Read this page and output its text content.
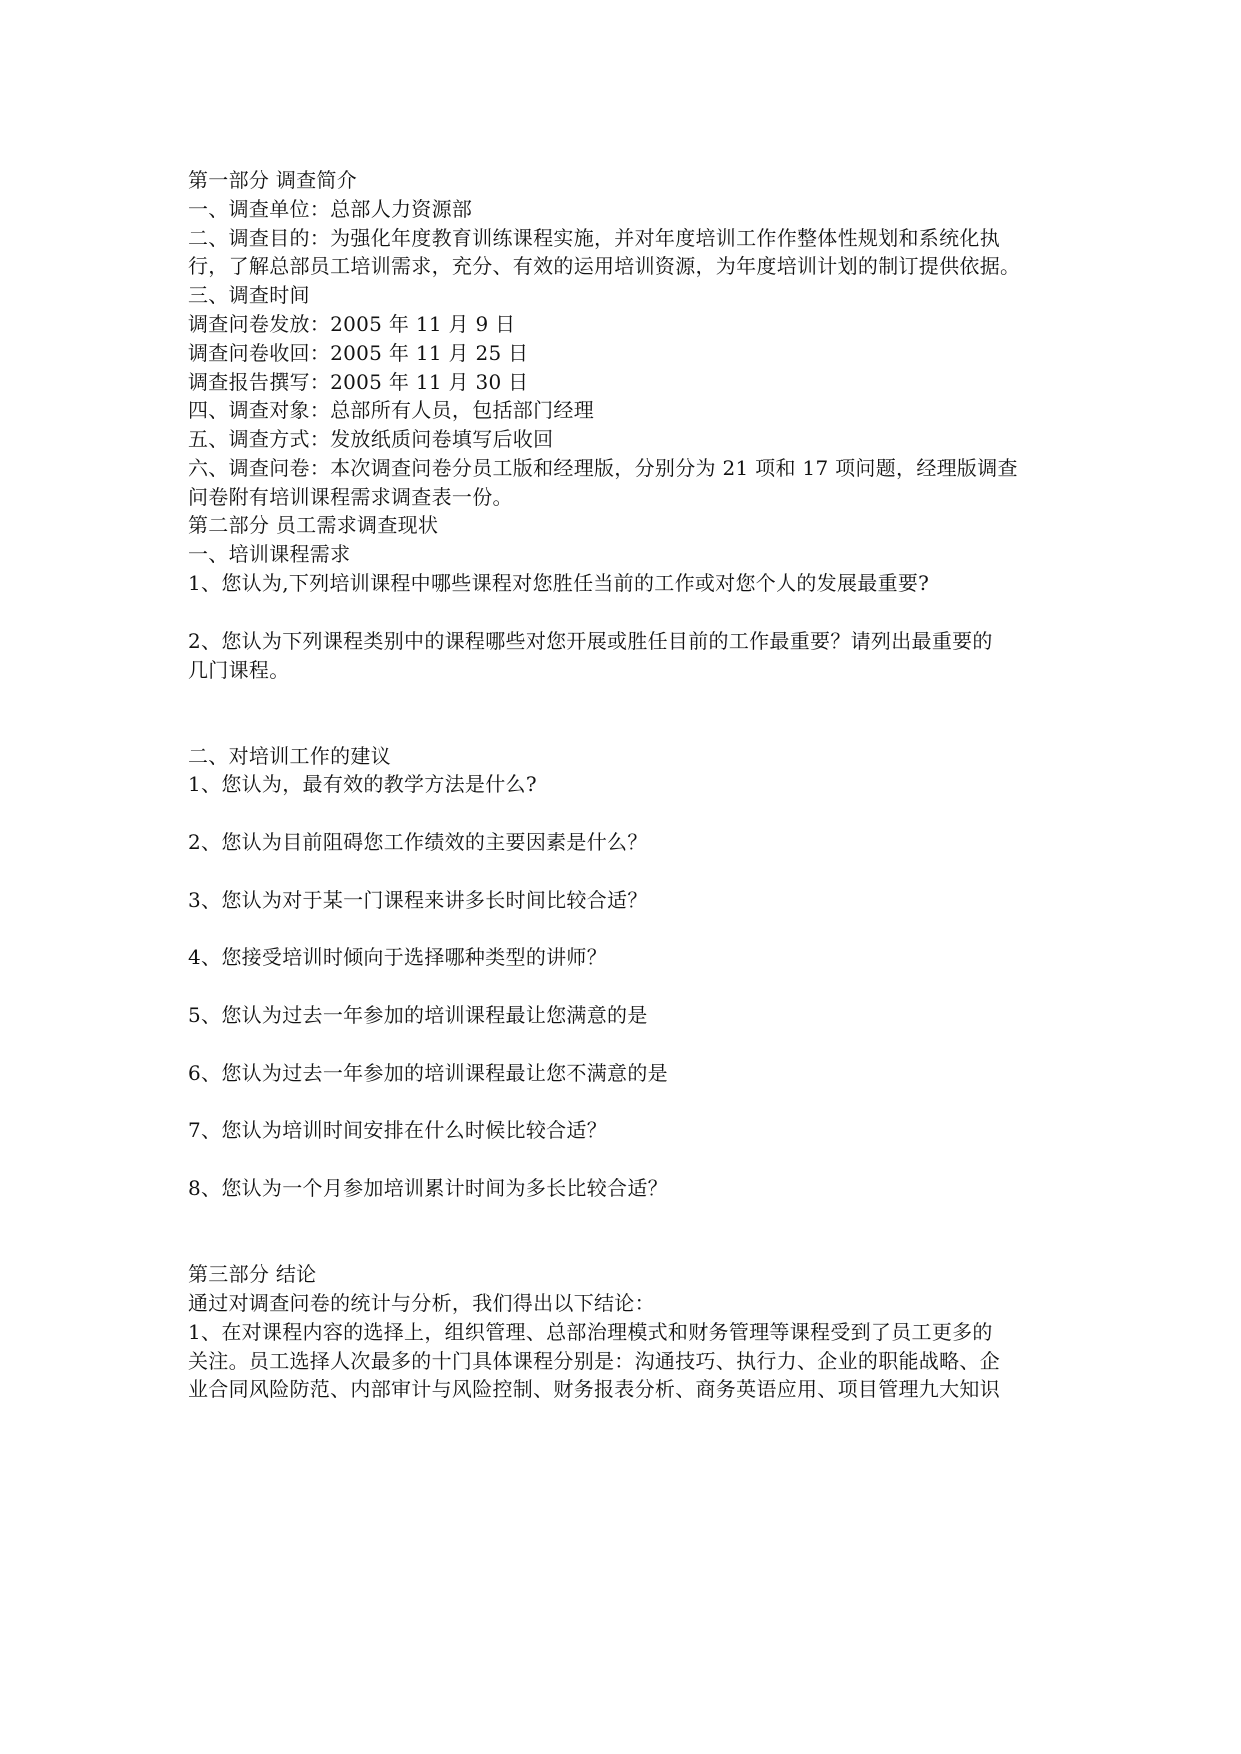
第一部分 调查简介
一、调查单位：总部人力资源部
二、调查目的：为强化年度教育训练课程实施，并对年度培训工作作整体性规划和系统化执
行，了解总部员工培训需求，充分、有效的运用培训资源，为年度培训计划的制订提供依据。
三、调查时间
调查问卷发放：2005 年 11 月 9 日
调查问卷收回：2005 年 11 月 25 日
调查报告撰写：2005 年 11 月 30 日
四、调查对象：总部所有人员，包括部门经理
五、调查方式：发放纸质问卷填写后收回
六、调查问卷：本次调查问卷分员工版和经理版，分别分为 21 项和 17 项问题，经理版调查
问卷附有培训课程需求调查表一份。
第二部分 员工需求调查现状
一、培训课程需求
1、您认为,下列培训课程中哪些课程对您胜任当前的工作或对您个人的发展最重要?
2、您认为下列课程类别中的课程哪些对您开展或胜任目前的工作最重要？请列出最重要的
几门课程。
二、对培训工作的建议
1、您认为，最有效的教学方法是什么?
2、您认为目前阻碍您工作绩效的主要因素是什么？
3、您认为对于某一门课程来讲多长时间比较合适？
4、您接受培训时倾向于选择哪种类型的讲师？
5、您认为过去一年参加的培训课程最让您满意的是
6、您认为过去一年参加的培训课程最让您不满意的是
7、您认为培训时间安排在什么时候比较合适？
8、您认为一个月参加培训累计时间为多长比较合适？
第三部分 结论
通过对调查问卷的统计与分析，我们得出以下结论：
1、在对课程内容的选择上，组织管理、总部治理模式和财务管理等课程受到了员工更多的
关注。员工选择人次最多的十门具体课程分别是：沟通技巧、执行力、企业的职能战略、企
业合同风险防范、内部审计与风险控制、财务报表分析、商务英语应用、项目管理九大知识
